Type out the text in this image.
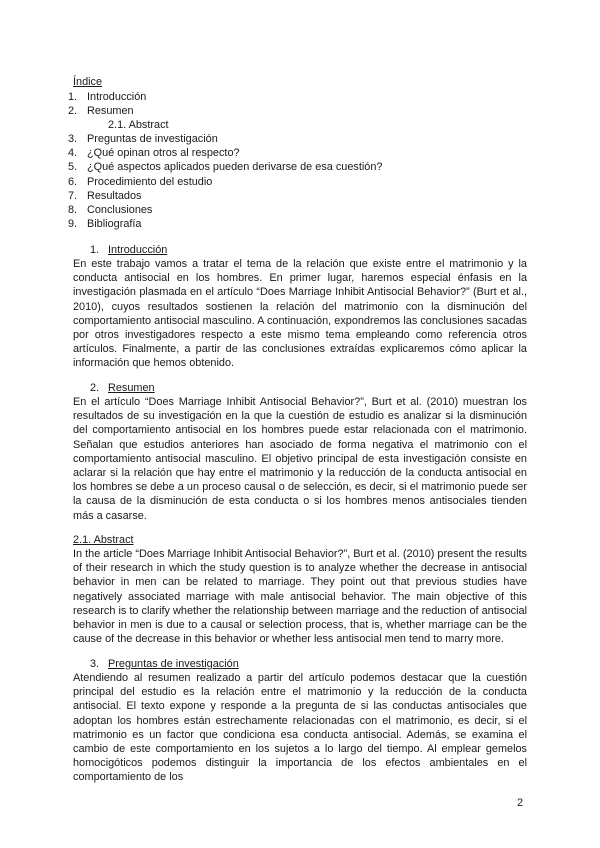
Índice
1. Introducción
2. Resumen
2.1. Abstract
3. Preguntas de investigación
4. ¿Qué opinan otros al respecto?
5. ¿Qué aspectos aplicados pueden derivarse de esa cuestión?
6. Procedimiento del estudio
7. Resultados
8. Conclusiones
9. Bibliografía
1. Introducción

En este trabajo vamos a tratar el tema de la relación que existe entre el matrimonio y la conducta antisocial en los hombres. En primer lugar, haremos especial énfasis en la investigación plasmada en el artículo “Does Marriage Inhibit Antisocial Behavior?” (Burt et al., 2010), cuyos resultados sostienen la relación del matrimonio con la disminución del comportamiento antisocial masculino. A continuación, expondremos las conclusiones sacadas por otros investigadores respecto a este mismo tema empleando como referencia otros artículos. Finalmente, a partir de las conclusiones extraídas explicaremos cómo aplicar la información que hemos obtenido.

2. Resumen

En el artículo “Does Marriage Inhibit Antisocial Behavior?”, Burt et al. (2010) muestran los resultados de su investigación en la que la cuestión de estudio es analizar si la disminución del comportamiento antisocial en los hombres puede estar relacionada con el matrimonio. Señalan que estudios anteriores han asociado de forma negativa el matrimonio con el comportamiento antisocial masculino. El objetivo principal de esta investigación consiste en aclarar si la relación que hay entre el matrimonio y la reducción de la conducta antisocial en los hombres se debe a un proceso causal o de selección, es decir, si el matrimonio puede ser la causa de la disminución de esta conducta o si los hombres menos antisociales tienden más a casarse.

2.1. Abstract

In the article “Does Marriage Inhibit Antisocial Behavior?”, Burt et al. (2010) present the results of their research in which the study question is to analyze whether the decrease in antisocial behavior in men can be related to marriage. They point out that previous studies have negatively associated marriage with male antisocial behavior. The main objective of this research is to clarify whether the relationship between marriage and the reduction of antisocial behavior in men is due to a causal or selection process, that is, whether marriage can be the cause of the decrease in this behavior or whether less antisocial men tend to marry more.

3. Preguntas de investigación

Atendiendo al resumen realizado a partir del artículo podemos destacar que la cuestión principal del estudio es la relación entre el matrimonio y la reducción de la conducta antisocial. El texto expone y responde a la pregunta de si las conductas antisociales que adoptan los hombres están estrechamente relacionadas con el matrimonio, es decir, si el matrimonio es un factor que condiciona esa conducta antisocial. Además, se examina el cambio de este comportamiento en los sujetos a lo largo del tiempo. Al emplear gemelos homocigóticos podemos distinguir la importancia de los efectos ambientales en el comportamiento de los

2
